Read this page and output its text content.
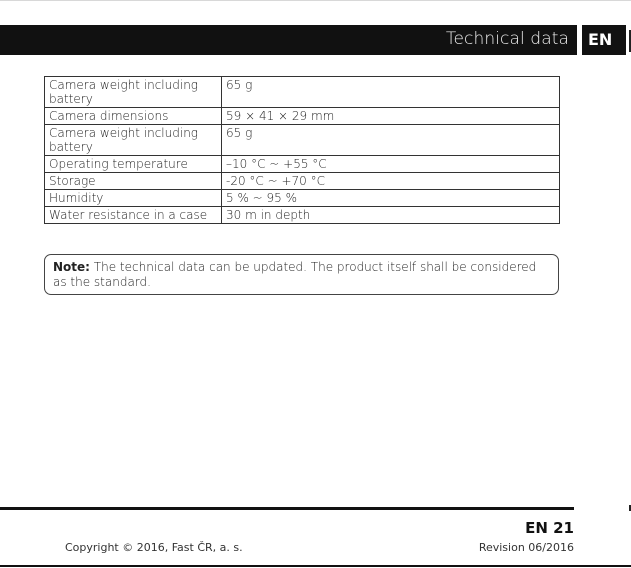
Technical data	EN
Camera weight including battery	65 g
Camera dimensions	59 × 41 × 29 mm
Camera weight including battery	65 g
Operating temperature	–10 °C ~ +55 °C
Storage	-20 °C ~ +70 °C
Humidity	5 % ~ 95 %
Water resistance in a case	30 m in depth
Note: The technical data can be updated. The product itself shall be considered as the standard.
EN 21
Copyright © 2016, Fast ČR, a. s.	Revision 06/2016
